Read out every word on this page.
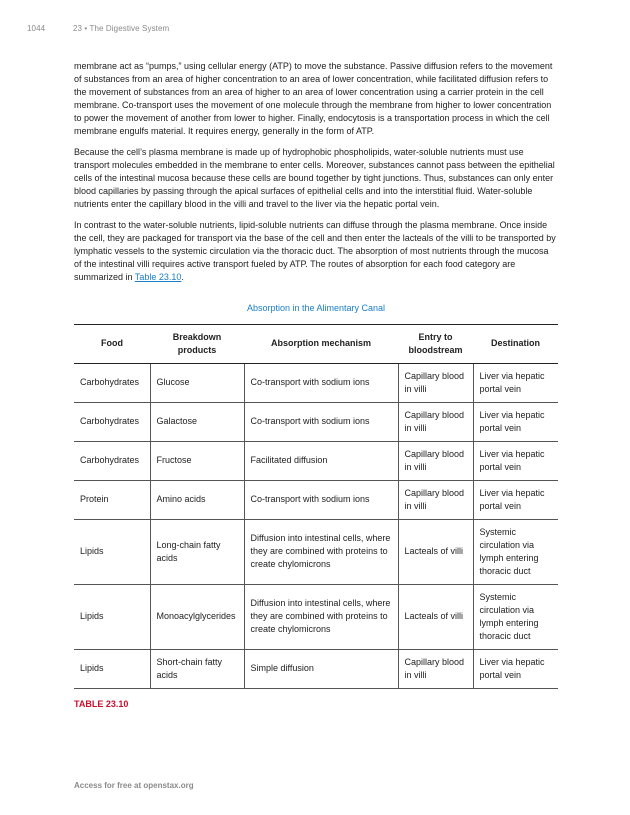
1044	23 • The Digestive System

membrane act as “pumps,” using cellular energy (ATP) to move the substance. Passive diffusion refers to the movement of substances from an area of higher concentration to an area of lower concentration, while facilitated diffusion refers to the movement of substances from an area of higher to an area of lower concentration using a carrier protein in the cell membrane. Co-transport uses the movement of one molecule through the membrane from higher to lower concentration to power the movement of another from lower to higher. Finally, endocytosis is a transportation process in which the cell membrane engulfs material. It requires energy, generally in the form of ATP.

Because the cell’s plasma membrane is made up of hydrophobic phospholipids, water-soluble nutrients must use transport molecules embedded in the membrane to enter cells. Moreover, substances cannot pass between the epithelial cells of the intestinal mucosa because these cells are bound together by tight junctions. Thus, substances can only enter blood capillaries by passing through the apical surfaces of epithelial cells and into the interstitial fluid. Water-soluble nutrients enter the capillary blood in the villi and travel to the liver via the hepatic portal vein.

In contrast to the water-soluble nutrients, lipid-soluble nutrients can diffuse through the plasma membrane. Once inside the cell, they are packaged for transport via the base of the cell and then enter the lacteals of the villi to be transported by lymphatic vessels to the systemic circulation via the thoracic duct. The absorption of most nutrients through the mucosa of the intestinal villi requires active transport fueled by ATP. The routes of absorption for each food category are summarized in Table 23.10.

Absorption in the Alimentary Canal
Food	Breakdown products	Absorption mechanism	Entry to bloodstream	Destination
Carbohydrates	Glucose	Co-transport with sodium ions	Capillary blood in villi	Liver via hepatic portal vein
Carbohydrates	Galactose	Co-transport with sodium ions	Capillary blood in villi	Liver via hepatic portal vein
Carbohydrates	Fructose	Facilitated diffusion	Capillary blood in villi	Liver via hepatic portal vein
Protein	Amino acids	Co-transport with sodium ions	Capillary blood in villi	Liver via hepatic portal vein
Lipids	Long-chain fatty acids	Diffusion into intestinal cells, where they are combined with proteins to create chylomicrons	Lacteals of villi	Systemic circulation via lymph entering thoracic duct
Lipids	Monoacylglycerides	Diffusion into intestinal cells, where they are combined with proteins to create chylomicrons	Lacteals of villi	Systemic circulation via lymph entering thoracic duct
Lipids	Short-chain fatty acids	Simple diffusion	Capillary blood in villi	Liver via hepatic portal vein
TABLE 23.10
Access for free at openstax.org
